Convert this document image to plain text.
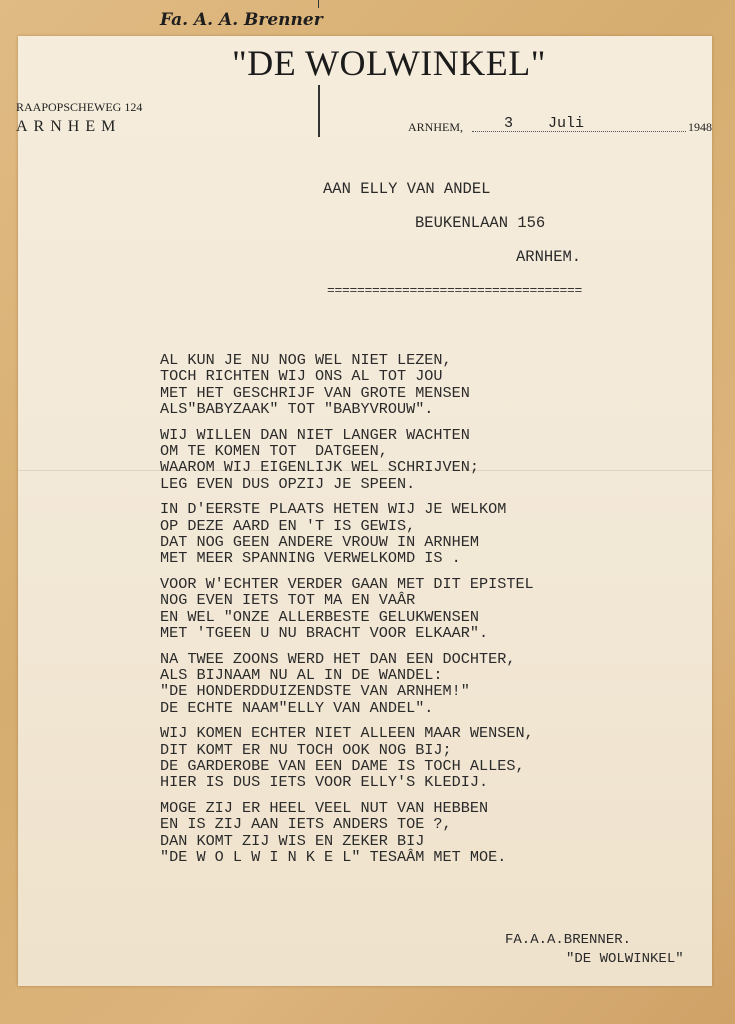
Fa. A. A. Brenner
"DE WOLWINKEL"
RAAPOPSCHEWEG 124
ARNHEM	ARNHEM,	3 Juli	1948
AAN ELLY VAN ANDEL
BEUKENLAAN 156
ARNHEM.
==================================
AL KUN JE NU NOG WEL NIET LEZEN,
TOCH RICHTEN WIJ ONS AL TOT JOU
MET HET GESCHRIJF VAN GROTE MENSEN
ALS"BABYZAAK" TOT "BABYVROUW".
WIJ WILLEN DAN NIET LANGER WACHTEN
OM TE KOMEN TOT  DATGEEN,
WAAROM WIJ EIGENLIJK WEL SCHRIJVEN;
LEG EVEN DUS OPZIJ JE SPEEN.
IN D'EERSTE PLAATS HETEN WIJ JE WELKOM
OP DEZE AARD EN 'T IS GEWIS,
DAT NOG GEEN ANDERE VROUW IN ARNHEM
MET MEER SPANNING VERWELKOMD IS .
VOOR W'ECHTER VERDER GAAN MET DIT EPISTEL
NOG EVEN IETS TOT MA EN VAÂR
EN WEL "ONZE ALLERBESTE GELUKWENSEN
MET 'TGEEN U NU BRACHT VOOR ELKAAR".
NA TWEE ZOONS WERD HET DAN EEN DOCHTER,
ALS BIJNAAM NU AL IN DE WANDEL:
"DE HONDERDDUIZENDSTE VAN ARNHEM!"
DE ECHTE NAAM"ELLY VAN ANDEL".
WIJ KOMEN ECHTER NIET ALLEEN MAAR WENSEN,
DIT KOMT ER NU TOCH OOK NOG BIJ;
DE GARDEROBE VAN EEN DAME IS TOCH ALLES,
HIER IS DUS IETS VOOR ELLY'S KLEDIJ.
MOGE ZIJ ER HEEL VEEL NUT VAN HEBBEN
EN IS ZIJ AAN IETS ANDERS TOE ?,
DAN KOMT ZIJ WIS EN ZEKER BIJ
"DE W O L W I N K E L" TESAÂM MET MOE.
FA.A.A.BRENNER.
"DE WOLWINKEL"
